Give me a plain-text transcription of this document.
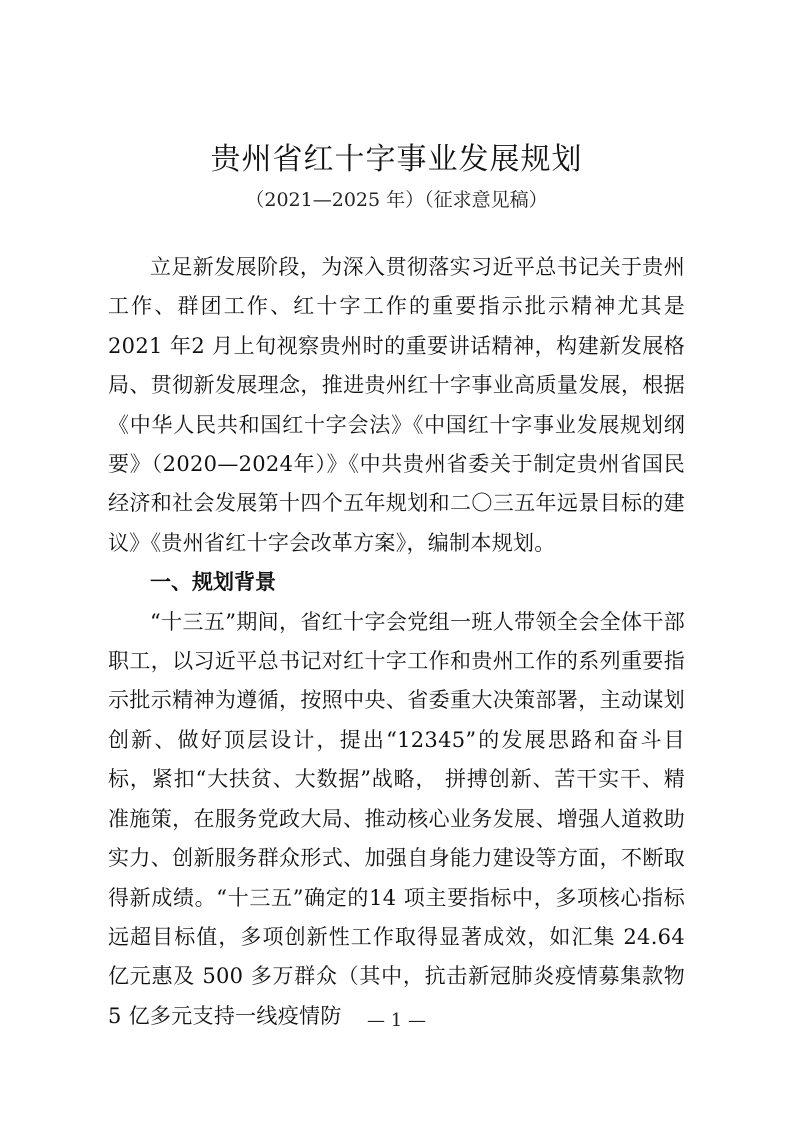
贵州省红十字事业发展规划
（2021—2025 年）（征求意见稿）

立足新发展阶段，为深入贯彻落实习近平总书记关于贵州工作、群团工作、红十字工作的重要指示批示精神尤其是2021 年2 月上旬视察贵州时的重要讲话精神，构建新发展格局、贯彻新发展理念，推进贵州红十字事业高质量发展，根据《中华人民共和国红十字会法》《中国红十字事业发展规划纲要》（2020—2024年）》《中共贵州省委关于制定贵州省国民经济和社会发展第十四个五年规划和二〇三五年远景目标的建议》《贵州省红十字会改革方案》，编制本规划。

一、规划背景

“十三五”期间，省红十字会党组一班人带领全会全体干部职工，以习近平总书记对红十字工作和贵州工作的系列重要指示批示精神为遵循，按照中央、省委重大决策部署，主动谋划创新、做好顶层设计，提出“12345”的发展思路和奋斗目标，紧扣“大扶贫、大数据”战略， 拼搏创新、苦干实干、精准施策，在服务党政大局、推动核心业务发展、增强人道救助实力、创新服务群众形式、加强自身能力建设等方面，不断取得新成绩。“十三五”确定的14 项主要指标中，多项核心指标远超目标值，多项创新性工作取得显著成效，如汇集 24.64 亿元惠及 500 多万群众（其中，抗击新冠肺炎疫情募集款物 5 亿多元支持一线疫情防	— 1 —
